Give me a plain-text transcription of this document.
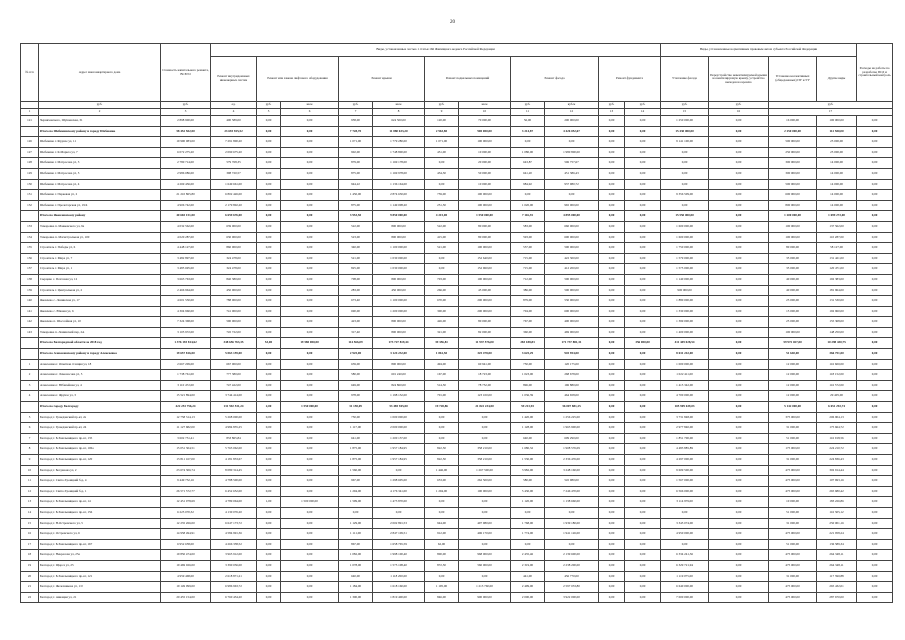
20
№ п/п	Адрес многоквартирного дома	Стоимость капитального ремонта, ВСЕГО	Виды, установленные частью 1 статьи 166 Жилищного кодекса Российской Федерации											Виды, установленные нормативным правовым актом субъекта Российской Федерации				Расходы на работы по разработке ПСД и строительный контроль
			Ремонт внутридомовых инженерных систем	Ремонт или замена лифтового оборудования		Ремонт крыши		Ремонт подвальных помещений		Ремонт фасада		Ремонт фундамента		Утепление фасада	Переустройство невентилируемой крыши на вентилируемую крышу, устройство выходов на кровлю	Установка коллективных (общедомовых) ПУ и УУ	Другие виды	
	руб.	руб.	ед.	руб.	кв.м	руб.	кв.м	руб.	кв.м	руб.	куб.м	руб.	руб.	руб.	руб.	руб.		
1	2	3	4	5	6	7	8	9	10	11	12	13	14	15	16	17		
121	Черняховского, Шушенская, 31	2 898 900,00	400 589,00	0,00	0,00	958,00	624 500,00	120,00	70 000,00	56,00	200 000,00	0,00	0,00	1 250 000,00	0,00	16 000,00	100 000,00	0,00
	Итого по Шебекинскому району и городу Шебекино	58 452 502,00	23 693 925,52	0,00	0,00	7 728,70	11 880 633,20	2 963,80	900 000,00	3 214,87	4 426 052,67	0,00	0,00	15 430 000,00	0,00	2 250 000,00	112 500,00	0,00
126	Шебекино г. Фрунзе ул, 11	19 990 083,00	7 291 800,20	0,00	0,00	1 071,00	1 779 280,00	1 071,00	100 000,00	0,00	0,00	0,00	0,00	9 141 100,00	0,00	500 000,00	25 000,00	0,00
127	Шебекино г. К.Маркса ул, 7	6 072 275,20	2 090 675,20	0,00	0,00	902,00	1 748 800,00	451,00	10 000,00	1 080,00	1 980 800,00	0,00	0,00	0,00	0,00	250 000,00	25 000,00	0,00
128	Шебекино г. Матросова ул, 3	2 780 714,00	579 768,35	0,00	0,00	879,00	1 169 178,00	0,00	20 000,00	643,87	506 757,67	0,00	0,00	0,00	0,00	300 000,00	14 000,00	0,00
129	Шебекино г. Матросова ул, 5	2 986 086,00	398 720,57	0,00	0,00	875,00	1 169 978,00	434,30	50 000,00	641,20	451 386,43	0,00	0,00	0,00	0,00	300 000,00	14 000,00	0,00
130	Шебекино г. Матросова ул, 4	4 269 436,00	1 649 661,00	0,00	0,00	944,22	1 136 164,00	0,00	10 000,00	984,92	937 980,72	0,00	0,00	0,00	0,00	500 000,00	14 000,00	0,00
131	Шебекино г. Парковая ул, 2	21 210 865,80	6 802 426,00	0,00	0,00	1 450,00	2 874 630,00	759,00	100 000,00	0,00	0,00	0,00	0,00	9 356 509,00	0,00	600 000,00	14 000,00	0,00
132	Шебекино г. Пролетарская ул, 19/4	4 906 742,00	2 179 802,20	0,00	0,00	875,00	1 149 008,20	251,50	100 000,00	1 020,00	965 000,00	0,00	0,00	0,00	0,00	800 000,00	14 000,00	0,00
	Итого по Яковлевскому району	40 665 151,00	6 659 676,00	0,00	0,00	3 953,50	9 850 000,00	4 215,00	1 550 000,00	7 116,35	4 895 000,00	0,00	0,00	15 550 000,00	0,00	1 200 000,00	1 699 272,00	0,00
133	Томаровка п. Маяковского ул, 9а	4 032 562,00	639 000,00	0,00	0,00	522,00	800 000,00	522,00	80 000,00	583,00	660 000,00	0,00	0,00	1 600 000,00	0,00	100 000,00	137 562,00	0,00
134	Томаровка п. Магистральная ул, 100	4 020 287,00	630 000,00	0,00	0,00	523,00	800 000,00	415,00	80 000,00	593,00	600 000,00	0,00	0,00	1 600 000,00	0,00	100 000,00	110 287,00	0,00
135	Строитель г. Победы ул, 6	4 448 127,00	860 000,00	0,00	0,00	340,00	1 100 000,00	521,00	100 000,00	557,00	500 000,00	0,00	0,00	1 750 000,00	0,00	80 000,00	58 127,00	0,00
136	Строитель г. Мира ул, 7	3 482 897,00	324 478,00	0,00	0,00	521,00	1 030 000,00	0,00	152 640,00	715,00	422 300,00	0,00	0,00	1 579 000,00	0,00	35 000,00	131 421,00	0,00
137	Строитель г. Мира ул, 1	3 485 695,00	324 478,00	0,00	0,00	825,00	1 030 000,00	0,00	152 960,00	715,00	412 200,00	0,00	0,00	1 575 000,00	0,00	35 000,00	120 471,00	0,00
138	Сырцево с. Почтовая ул, 12	3 663 763,00	840 380,00	0,00	0,00	708,00	800 000,00	703,00	100 000,00	712,00	500 000,00	0,00	0,00	1 140 000,00	0,00	40 000,00	192 383,00	0,00
139	Строитель г. Центральная ул, 2	2 466 964,00	450 000,00	0,00	0,00	283,00	450 000,00	266,00	45 000,00	386,00	500 000,00	0,00	0,00	900 000,00	0,00	40 000,00	181 964,00	0,00
140	Яковлево с. Ленинская ул, 17	4 601 530,00	788 000,00	0,00	0,00	673,40	1 100 000,00	670,00	200 000,00	879,00	530 000,00	0,00	0,00	1 880 000,00	0,00	25 000,00	131 530,00	0,00
141	Яковлево с. Южная ул, 6	4 304 960,00	741 000,00	0,00	0,00	690,00	1 200 000,00	300,00	200 000,00	704,00	600 000,00	0,00	0,00	1 330 000,00	0,00	15 000,00	192 960,00	0,00
142	Яковлево п. Шоссейная ул, 10	7 324 368,00	590 000,00	0,00	0,00	423,00	800 000,00	426,00	80 000,00	767,00	400 000,00	0,00	0,00	1 399 000,00	0,00	25 000,00	155 368,00	0,00
143	Томаровка п. Ленинский пер, 2А	3 105 972,00	745 722,00	0,00	0,00	317,40	800 000,00	321,00	82 000,00	360,00	469 000,00	0,00	0,00	1 400 000,00	0,00	100 000,00	148 250,00	0,00
	Итого по Белгородской области за 2018 год	1 376 193 814,62	348 656 763,35	53,00	19 580 000,00	114 566,09	173 727 819,44	39 356,81	11 937 576,00	283 188,83	171 737 881,31	0,00	356 000,00	411 449 028,54	0,00	59 972 027,00	10 298 430,75	0,00
	Итого по Алексеевскому району и городу Алексеевка	19 657 816,00	5 063 159,00	0,00	0,00	2 925,00	3 124 232,00	1 861,50	325 478,00	3 625,29	945 954,00	0,00	0,00	8 631 242,00	0,00	51 640,00	366 751,00	0,00
1	Алексеевка г. Опытная станция ул, 18	2 667 209,00	667 000,00	0,00	0,00	639,00	800 000,00	494,00	60 941,00	750,00	120 175,00	0,00	0,00	1 000 000,00	0,00	12 000,00	116 600,00	0,00
2	Алексеевка г. Ломоносова ул, 5	1 738 761,00	777 380,00	0,00	0,00	580,00	601 240,00	167,00	18 723,00	1 023,00	268 678,00	0,00	0,00	1 022 411,00	0,00	12 000,00	118 152,00	0,00
3	Алексеевка г. Юбилейная ул, 4	3 110 472,00	747 422,00	0,00	0,00	649,00	824 860,00	514,50	78 752,00	896,00	196 880,00	0,00	0,00	1 415 342,00	0,00	12 000,00	116 572,00	0,00
4	Алексеевка г. Фрунзе ул, 3	15 521 894,00	3 744 414,00	0,00	0,00	978,00	1 198 132,00	701,00	123 100,00	1 036,39	464 658,00	0,00	0,00	4 700 000,00	0,00	12 000,00	29 405,00	0,00
	Итого по городу Белгороду	422 253 756,24	131 592 531,24	2,00	1 550 000,00	31 158,09	53 485 945,00	19 728,86	21 822 234,00	59 213,93	56 007 881,25	0,00	0,00	105 909 639,03	0,00	5 142 000,00	6 651 292,74	0,00
5	Белгород г. Гражданский пр-кт, 2а	12 758 314,13	5 268 000,00	0,00	0,00	750,00	1 000 000,00	0,00	0,00	1 420,00	1 256 225,00	0,00	0,00	3 731 848,00	0,00	375 000,00	206 904,13	0,00
6	Белгород г. Гражданский пр-кт, 24	11 127 682,00	4 984 835,25	0,00	0,00	1 117,00	2 000 000,00	0,00	0,00	1 128,00	1 963 900,00	0,00	0,00	2 977 840,00	0,00	31 000,00	175 664,72	0,00
7	Белгород г. Б.Хмельницкого пр-кт, 135	3 602 731,41	833 865,84	0,00	0,00	641,00	1 200 137,00	0,00	0,00	640,00	609 290,00	0,00	0,00	1 851 700,00	0,00	51 000,00	116 918,56	0,00
8	Белгород г. Б.Хмельницкого пр-кт, 106а	15 051 304,51	5 763 062,00	0,00	0,00	1 875,00	1 957 184,95	822,50	358 210,00	1 680,32	1 908 576,09	0,00	0,00	4 483 885,89	0,00	175 000,00	224 210,72	0,00
9	Белгород г. Б.Хмельницкого пр-кт, 120	15 811 167,00	4 181 833,67	0,00	0,00	1 875,00	1 957 184,95	822,50	358 210,00	1 530,00	2 336 476,00	0,00	0,00	4 297 000,00	0,00	31 000,00	224 836,43	0,00
10	Белгород г. Богданова ул, 2	23 674 306,74	8 080 314,45	0,00	0,00	1 560,00	0,00	1 446,00	1 267 500,00	3 982,00	3 248 160,00	0,00	0,00	9 609 500,00	0,00	475 000,00	302 914,44	0,00
11	Белгород г. Свято-Троицкий б-р, 4	9 449 732,16	4 788 500,00	0,00	0,00	967,00	1 298 605,00	653,00	262 500,00	580,00	545 980,00	0,00	0,00	1 567 000,00	0,00	475 000,00	107 693,16	0,00
12	Белгород г. Свято-Троицкий б-р, 1	26 571 572,77	6 452 652,00	0,00	0,00	1 294,00	4 176 341,00	1 294,00	100 000,00	5 430,00	7 246 470,00	0,00	0,00	6 566 000,00	0,00	475 000,00	265 680,42	0,00
13	Белгород г. Б.Хмельницкого пр-кт, 14	12 451 078,69	4 789 064,00	1,00	1 500 000,00	1 599,00	1 473 870,00	0,00	0,00	1 120,00	1 138 660,00	0,00	0,00	3 114 979,00	0,00	10 000,00	183 226,86	0,00
14	Белгород г. Б.Хмельницкого пр-кт, 156	6 225 070,32	4 130 076,20	0,00	0,00	0,00	0,00	0,00	0,00	0,00	0,00	0,00	0,00	0,00	0,00	51 000,00	116 305,12	0,00
15	Белгород г. Н.Островского ул, 5	12 235 266,00	6 647 173,72	0,00	0,00	1 129,00	2 002 891,53	944,00	497 980,00	1 768,00	1 939 180,00	0,00	0,00	3 345 074,00	0,00	31 000,00	250 001,16	0,00
16	Белгород г. Островского ул, 6	14 958 494,91	4 584 991,36	0,00	0,00	1 111,00	2 847 109,51	912,00	406 170,00	1 774,00	1 941 126,00	0,00	0,00	4 950 000,00	0,00	475 000,00	221 958,24	0,00
17	Белгород г. Б.Хмельницкого пр-кт, 167	6 952 658,00	4 266 338,52	0,00	0,00	867,00	1 658 765,59	62,00	0,00	0,00	0,00	0,00	0,00	0,00	0,00	51 000,00	136 589,34	0,00
18	Белгород г. Некрасова ул, 25а	19 850 474,00	3 965 912,00	0,00	0,00	1 082,00	1 998 100,40	800,00	968 000,00	2 435,46	2 139 600,00	0,00	0,00	6 334 241,36	0,00	475 000,00	264 348,11	0,00
19	Белгород г. Щорса ул, 25	19 469 026,00	3 390 036,00	0,00	0,00	1 078,00	1 575 108,40	872,50	560 000,00	2 319,00	2 238 200,00	0,00	0,00	6 329 721,94	0,00	475 000,00	264 348,11	0,00
20	Белгород г. Б.Хмельницкого пр-кт, 121	4 959 468,00	2 618 871,21	0,00	0,00	640,00	1 118 200,00	0,00	0,00	441,00	456 770,00	0,00	0,00	1 119 075,00	0,00	31 000,00	117 390,88	0,00
21	Белгород г. Железнякова ул, 1/0	19 149 099,00	6 986 963,72	0,00	0,00	1 184,00	1 618 160,00	1 195,00	1 213 760,00	2 499,00	2 597 033,80	0,00	0,00	6 640 000,00	0,00	475 000,00	265 432,01	0,00
22	Белгород г. Авиации ул, 21	20 455 154,00	6 760 434,20	0,00	0,00	1 300,00	1 819 400,00	846,00	900 000,00	2 000,00	3 922 000,00	0,00	0,00	7 000 000,00	0,00	475 000,00	287 670,00	0,00
